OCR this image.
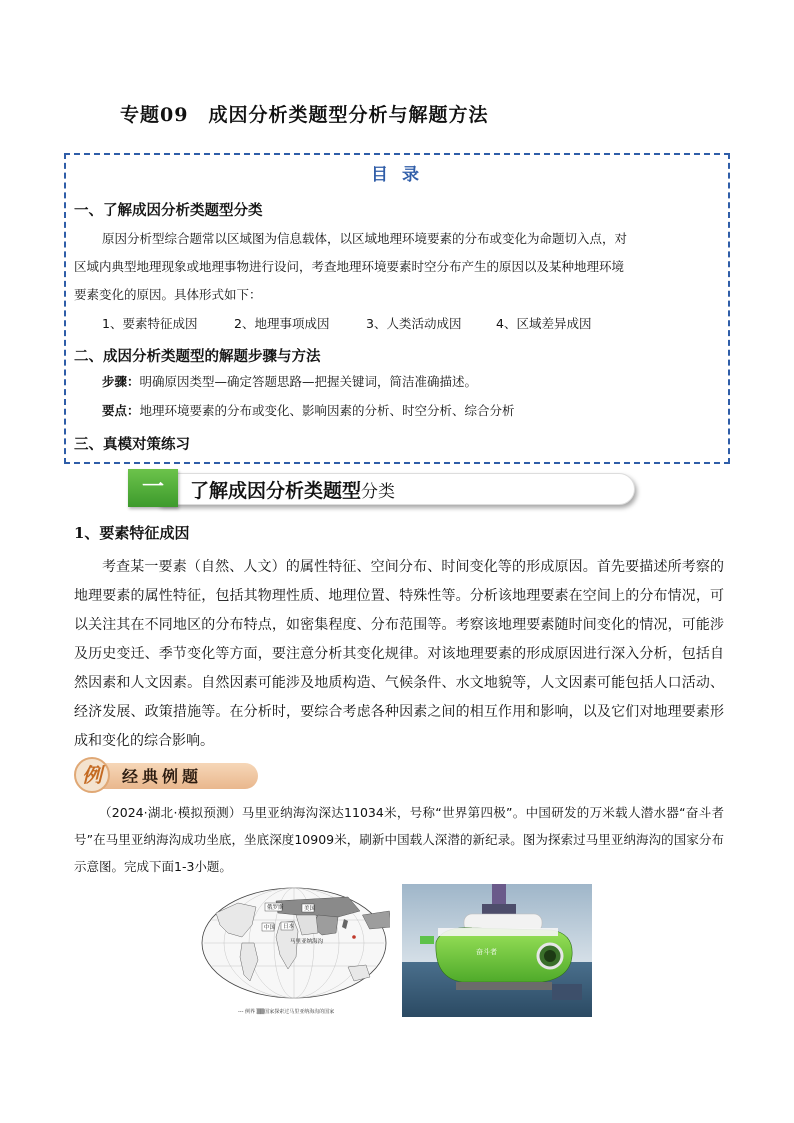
专题09　成因分析类题型分析与解题方法
目 录
一、了解成因分析类题型分类
原因分析型综合题常以区域图为信息载体，以区域地理环境要素的分布或变化为命题切入点，对
区域内典型地理现象或地理事物进行设问，考查地理环境要素时空分布产生的原因以及某种地理环境
要素变化的原因。具体形式如下：
1、要素特征成因	2、地理事项成因	3、人类活动成因	4、区域差异成因
二、成因分析类题型的解题步骤与方法
步骤：明确原因类型—确定答题思路—把握关键词，简洁准确描述。
要点：地理环境要素的分布或变化、影响因素的分析、时空分析、综合分析
三、真模对策练习
一	了解成因分析类题型分类
1、要素特征成因

考查某一要素（自然、人文）的属性特征、空间分布、时间变化等的形成原因。首先要描述所考察的地理要素的属性特征，包括其物理性质、地理位置、特殊性等。分析该地理要素在空间上的分布情况，可以关注其在不同地区的分布特点，如密集程度、分布范围等。考察该地理要素随时间变化的情况，可能涉及历史变迁、季节变化等方面，要注意分析其变化规律。对该地理要素的形成原因进行深入分析，包括自然因素和人文因素。自然因素可能涉及地质构造、气候条件、水文地貌等，人文因素可能包括人口活动、经济发展、政策措施等。在分析时，要综合考虑各种因素之间的相互作用和影响，以及它们对地理要素形成和变化的综合影响。

例	经典例题

（2024·湖北·模拟预测）马里亚纳海沟深达11034米，号称“世界第四极”。中国研发的万米载人潜水器“奋斗者号”在马里亚纳海沟成功坐底，坐底深度10909米，刷新中国载人深潜的新纪录。图为探索过马里亚纳海沟的国家分布示意图。完成下面1-3小题。

俄罗斯
中国 日本
美国
马里亚纳海沟
--- 例界 ▒▒国家探索过马里亚纳海沟的国家
奋斗者
